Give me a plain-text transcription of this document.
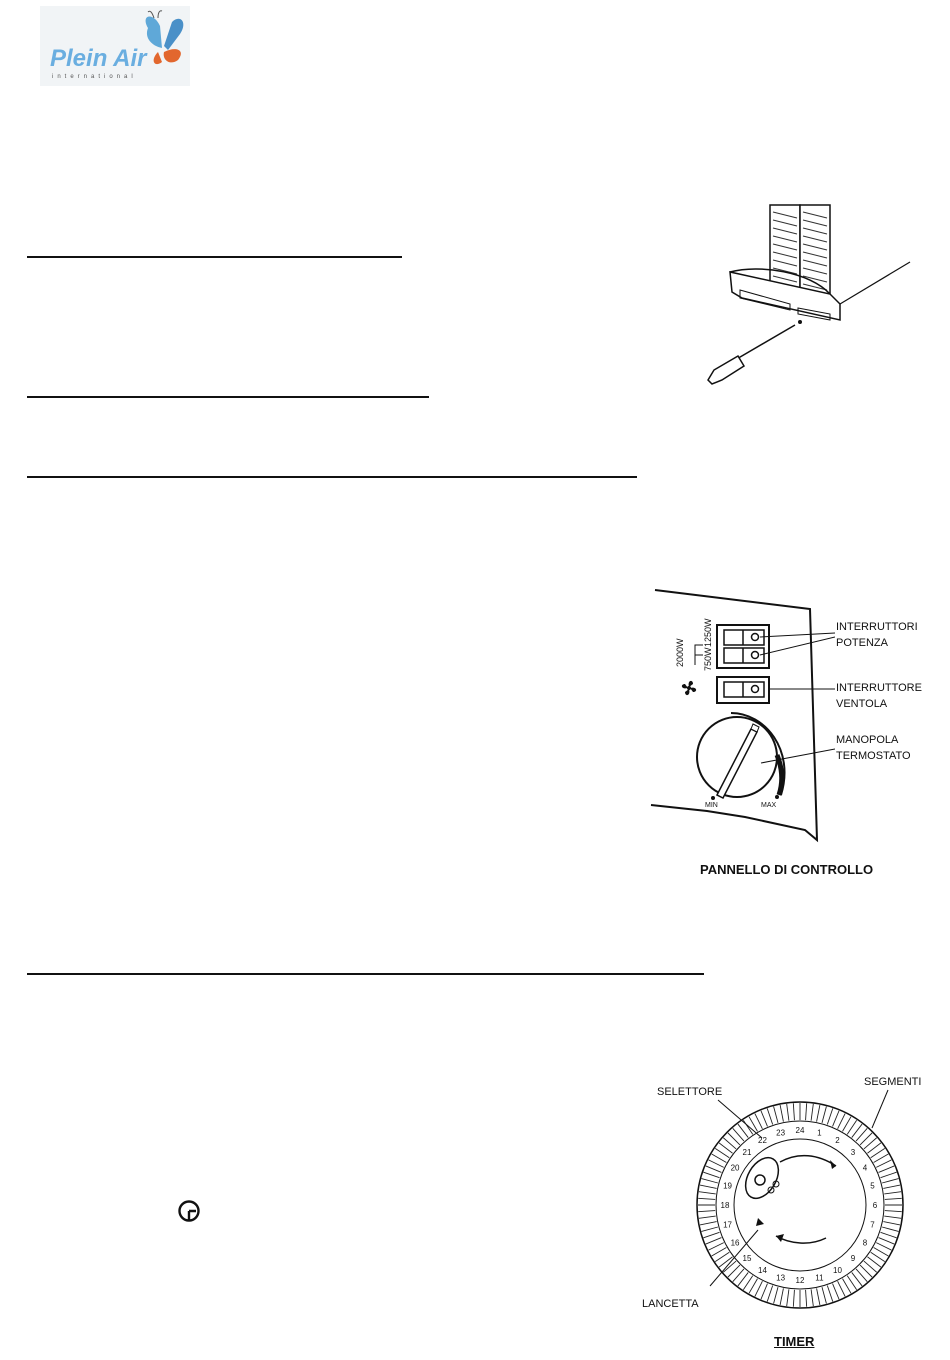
Plein Air
international
2000W
1250W
750W
MIN	MAX
INTERRUTTORI
POTENZA
INTERRUTTORE
VENTOLA
MANOPOLA
TERMOSTATO
PANNELLO DI CONTROLLO
SELETTORE
SEGMENTI
LANCETTA
24 1
2
3
4
5
6
7
8
9
10
11
12
13
14
15
16
17
18
19
20
21
22
23
TIMER
